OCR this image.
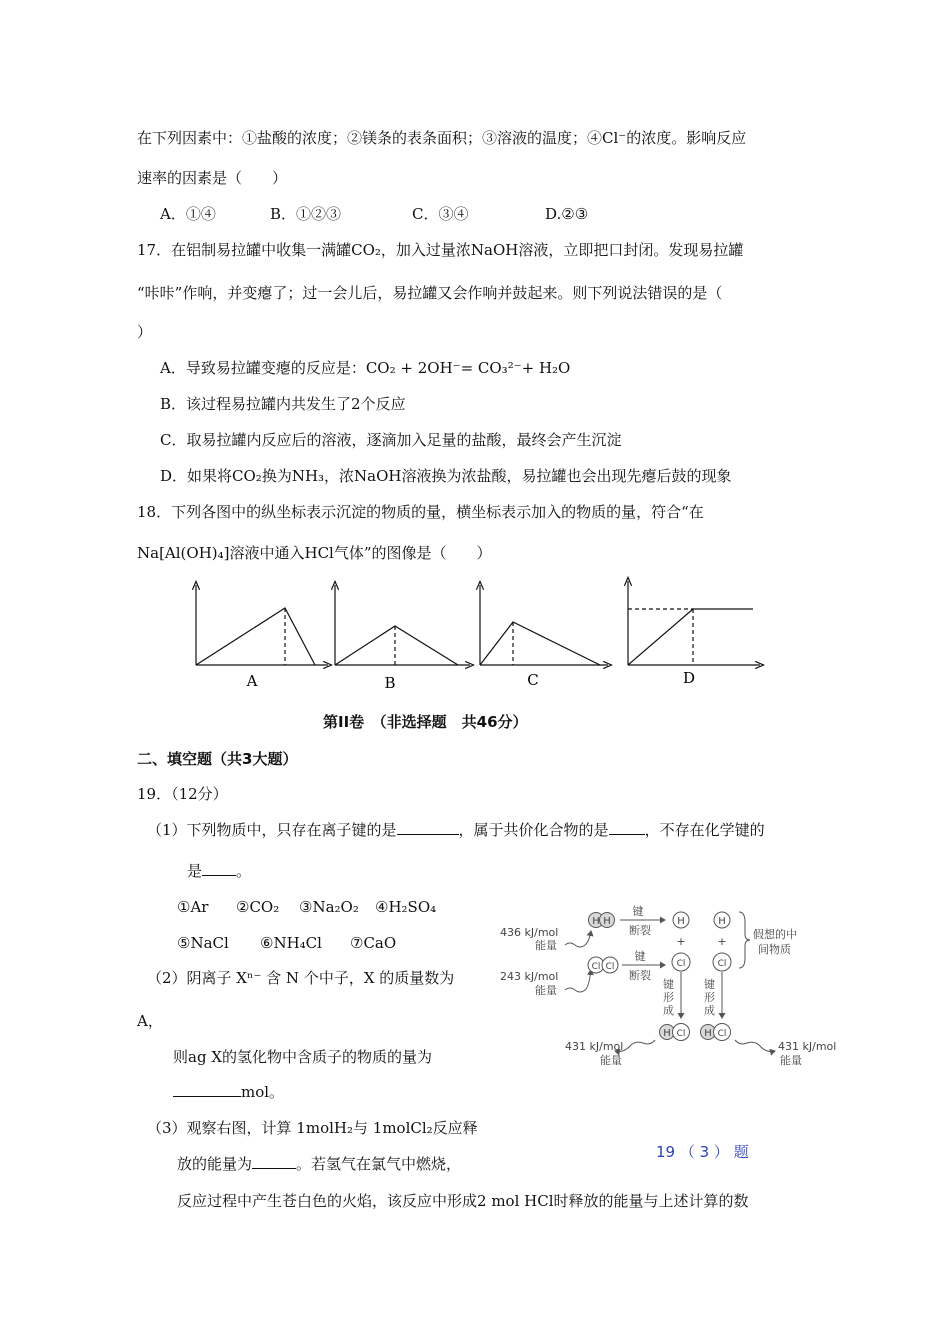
在下列因素中：①盐酸的浓度；②镁条的表条面积；③溶液的温度；④Cl⁻的浓度。影响反应
速率的因素是（　　）
A．①④	B．①②③	C．③④	D.②③
17．在铝制易拉罐中收集一满罐CO₂，加入过量浓NaOH溶液，立即把口封闭。发现易拉罐
“咔咔”作响，并变瘪了；过一会儿后，易拉罐又会作响并鼓起来。则下列说法错误的是（
）
A．导致易拉罐变瘪的反应是：CO₂ + 2OH⁻= CO₃²⁻+ H₂O
B．该过程易拉罐内共发生了2个反应
C．取易拉罐内反应后的溶液，逐滴加入足量的盐酸，最终会产生沉淀
D．如果将CO₂换为NH₃，浓NaOH溶液换为浓盐酸，易拉罐也会出现先瘪后鼓的现象
18．下列各图中的纵坐标表示沉淀的物质的量，横坐标表示加入的物质的量，符合“在
Na[Al(OH)₄]溶液中通入HCl气体”的图像是（　　）
A	B	C	D
第II卷　（非选择题　共46分）
二、填空题（共3大题）
19．（12分）
（1）下列物质中，只存在离子键的是	，属于共价化合物的是 ，不存在化学键的
是 。
①Ar ②CO₂ ③Na₂O₂ ④H₂SO₄
⑤NaCl ⑥NH₄Cl ⑦CaO
（2）阴离子 Xⁿ⁻ 含 N 个中子，X 的质量数为
A，
则ag X的氢化物中含质子的物质的量为
mol。
（3）观察右图，计算 1molH₂与 1molCl₂反应释
放的能量为	。若氢气在氯气中燃烧，
反应过程中产生苍白色的火焰，该反应中形成2 mol HCl时释放的能量与上述计算的数
19 （ 3 ） 题
436 kJ/mol
能量
H H
键
断裂
H
+
H
+
假想的中
间物质
243 kJ/mol
能量
Cl Cl
键
断裂
Cl	Cl
键
形
成
键
形
成
H Cl H Cl
431 kJ/mol
能量
431 kJ/mol
能量
